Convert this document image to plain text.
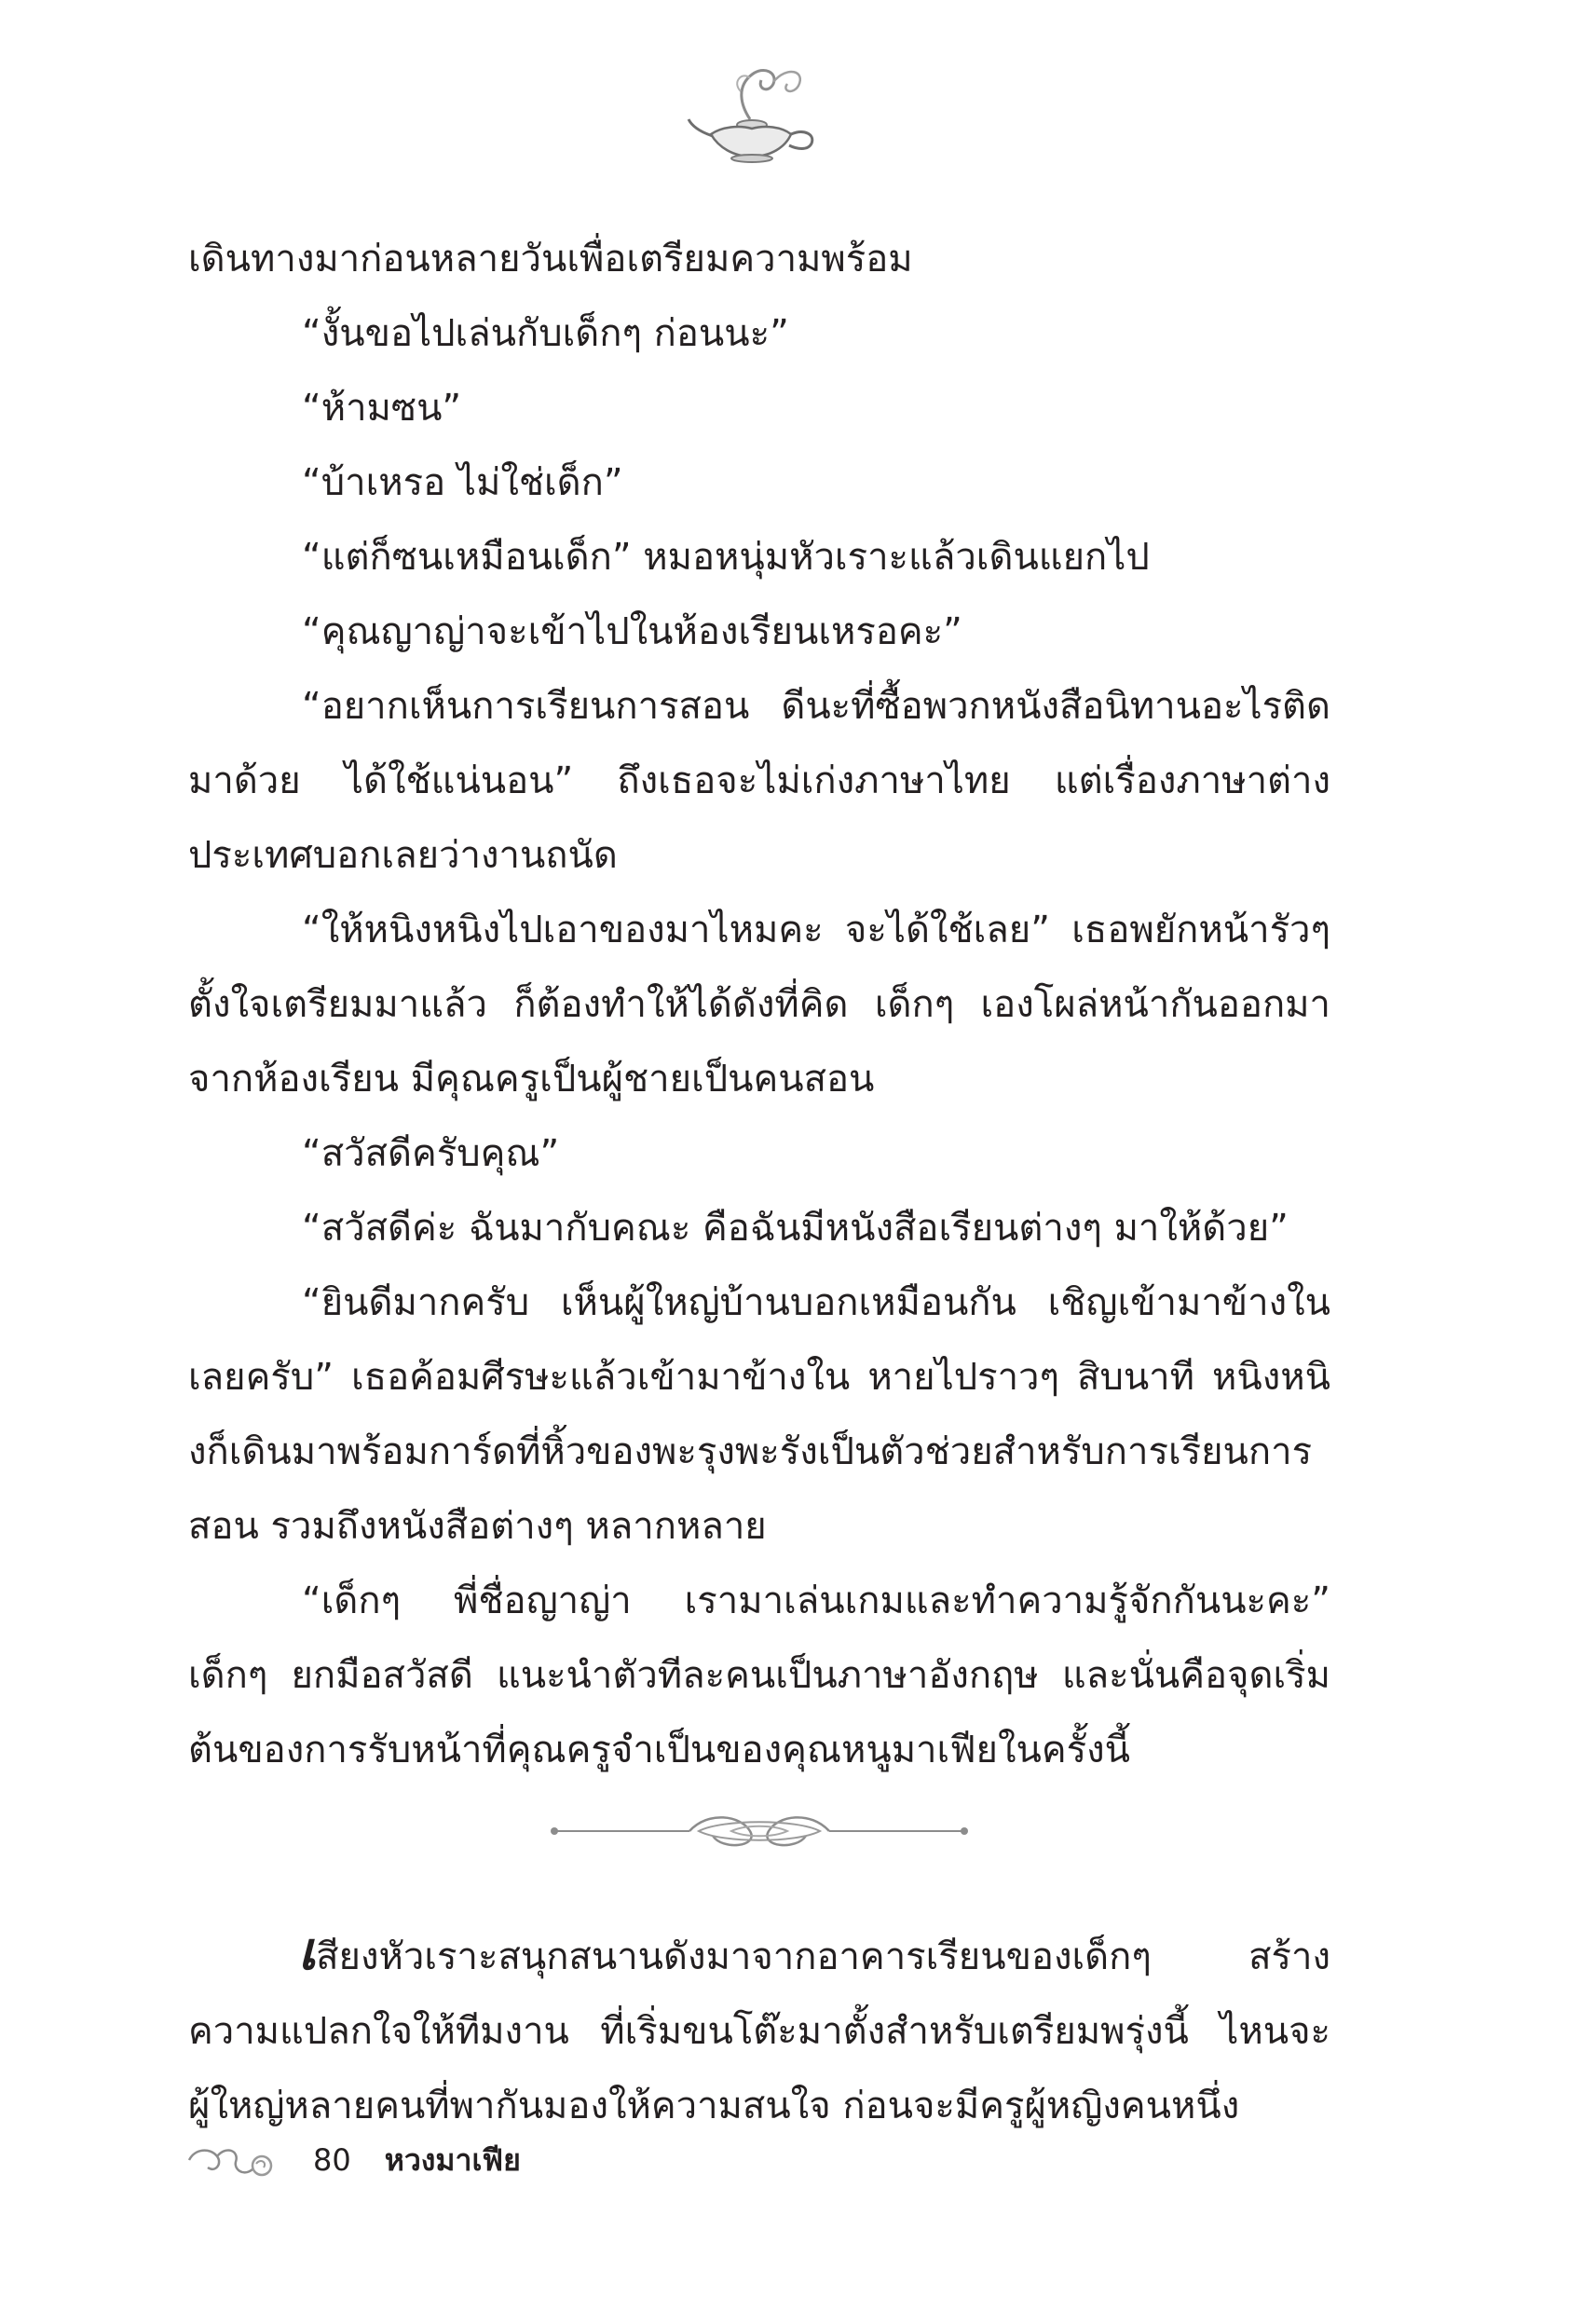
เดินทางมาก่อนหลายวันเพื่อเตรียมความพร้อม

“งั้นขอไปเล่นกับเด็กๆ ก่อนนะ”

“ห้ามซน”

“บ้าเหรอ ไม่ใช่เด็ก”

“แต่ก็ซนเหมือนเด็ก” หมอหนุ่มหัวเราะแล้วเดินแยกไป

“คุณญาญ่าจะเข้าไปในห้องเรียนเหรอคะ”

“อยากเห็นการเรียนการสอน ดีนะที่ซื้อพวกหนังสือนิทานอะไรติดมาด้วย ได้ใช้แน่นอน” ถึงเธอจะไม่เก่งภาษาไทย แต่เรื่องภาษาต่างประเทศบอกเลยว่างานถนัด

“ให้หนิงหนิงไปเอาของมาไหมคะ จะได้ใช้เลย” เธอพยักหน้ารัวๆ ตั้งใจเตรียมมาแล้ว ก็ต้องทำให้ได้ดังที่คิด เด็กๆ เองโผล่หน้ากันออกมาจากห้องเรียน มีคุณครูเป็นผู้ชายเป็นคนสอน

“สวัสดีครับคุณ”

“สวัสดีค่ะ ฉันมากับคณะ คือฉันมีหนังสือเรียนต่างๆ มาให้ด้วย”

“ยินดีมากครับ เห็นผู้ใหญ่บ้านบอกเหมือนกัน เชิญเข้ามาข้างในเลยครับ” เธอค้อมศีรษะแล้วเข้ามาข้างใน หายไปราวๆ สิบนาที หนิงหนิงก็เดินมาพร้อมการ์ดที่หิ้วของพะรุงพะรังเป็นตัวช่วยสำหรับการเรียนการสอน รวมถึงหนังสือต่างๆ หลากหลาย

“เด็กๆ พี่ชื่อญาญ่า เรามาเล่นเกมและทำความรู้จักกันนะคะ” เด็กๆ ยกมือสวัสดี แนะนำตัวทีละคนเป็นภาษาอังกฤษ และนั่นคือจุดเริ่มต้นของการรับหน้าที่คุณครูจำเป็นของคุณหนูมาเฟียในครั้งนี้

เสียงหัวเราะสนุกสนานดังมาจากอาคารเรียนของเด็กๆ สร้างความแปลกใจให้ทีมงาน ที่เริ่มขนโต๊ะมาตั้งสำหรับเตรียมพรุ่งนี้ ไหนจะผู้ใหญ่หลายคนที่พากันมองให้ความสนใจ ก่อนจะมีครูผู้หญิงคนหนึ่ง

80 หวงมาเฟีย
